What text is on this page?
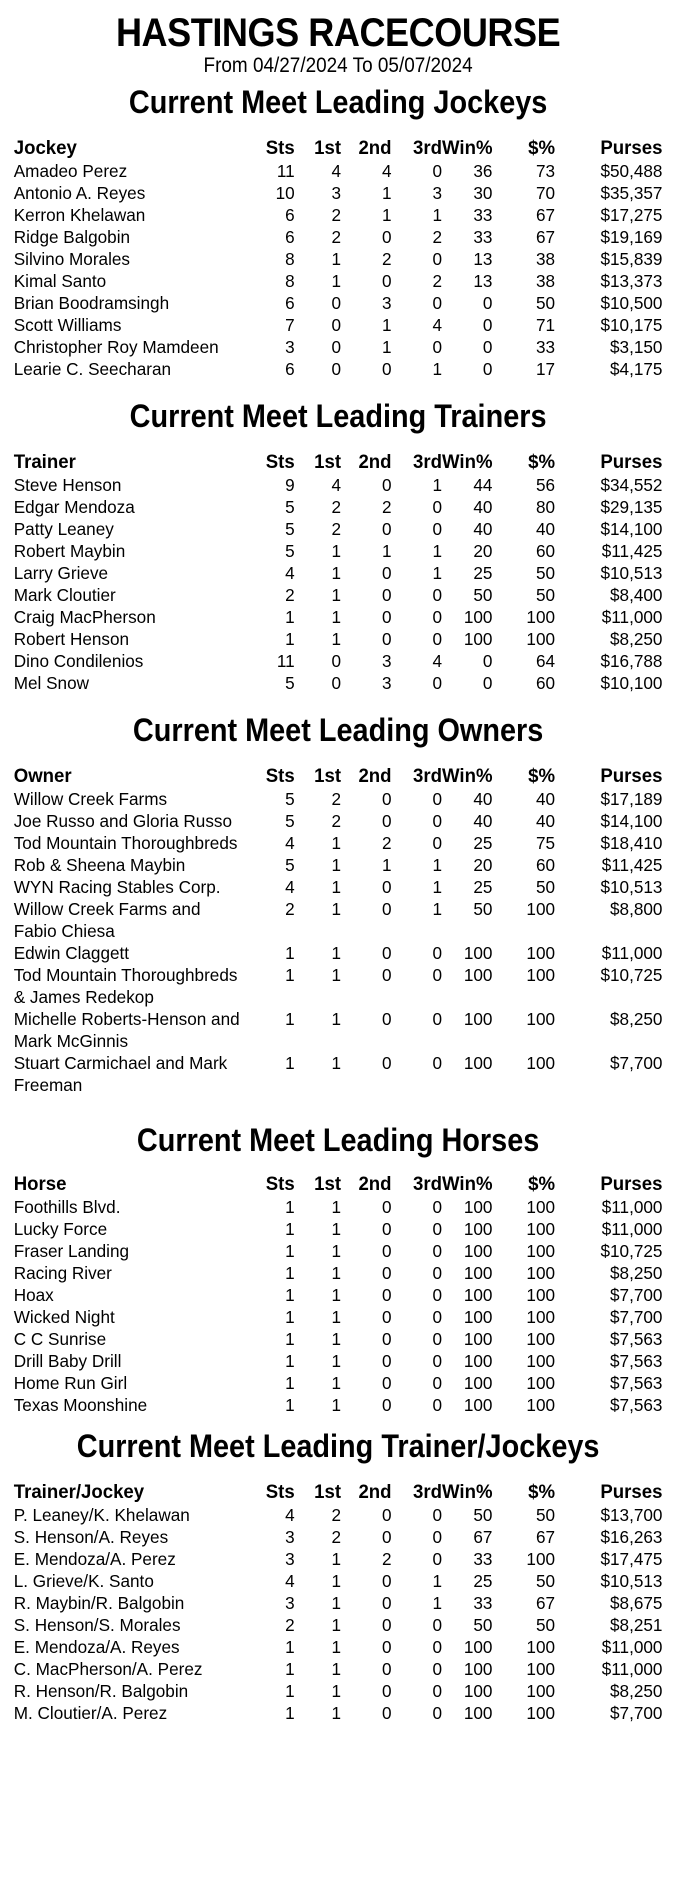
HASTINGS RACECOURSE
From 04/27/2024 To 05/07/2024
Current Meet Leading Jockeys
Jockey	Sts	1st	2nd	3rd	Win%	$%	Purses
Amadeo Perez	11	4	4	0	36	73	$50,488
Antonio A. Reyes	10	3	1	3	30	70	$35,357
Kerron Khelawan	6	2	1	1	33	67	$17,275
Ridge Balgobin	6	2	0	2	33	67	$19,169
Silvino Morales	8	1	2	0	13	38	$15,839
Kimal Santo	8	1	0	2	13	38	$13,373
Brian Boodramsingh	6	0	3	0	0	50	$10,500
Scott Williams	7	0	1	4	0	71	$10,175
Christopher Roy Mamdeen	3	0	1	0	0	33	$3,150
Learie C. Seecharan	6	0	0	1	0	17	$4,175
Current Meet Leading Trainers
Trainer	Sts	1st	2nd	3rd	Win%	$%	Purses
Steve Henson	9	4	0	1	44	56	$34,552
Edgar Mendoza	5	2	2	0	40	80	$29,135
Patty Leaney	5	2	0	0	40	40	$14,100
Robert Maybin	5	1	1	1	20	60	$11,425
Larry Grieve	4	1	0	1	25	50	$10,513
Mark Cloutier	2	1	0	0	50	50	$8,400
Craig MacPherson	1	1	0	0	100	100	$11,000
Robert Henson	1	1	0	0	100	100	$8,250
Dino Condilenios	11	0	3	4	0	64	$16,788
Mel Snow	5	0	3	0	0	60	$10,100
Current Meet Leading Owners
Owner	Sts	1st	2nd	3rd	Win%	$%	Purses
Willow Creek Farms	5	2	0	0	40	40	$17,189
Joe Russo and Gloria Russo	5	2	0	0	40	40	$14,100
Tod Mountain Thoroughbreds	4	1	2	0	25	75	$18,410
Rob & Sheena Maybin	5	1	1	1	20	60	$11,425
WYN Racing Stables Corp.	4	1	0	1	25	50	$10,513
Willow Creek Farms and Fabio Chiesa	2	1	0	1	50	100	$8,800
Edwin Claggett	1	1	0	0	100	100	$11,000
Tod Mountain Thoroughbreds & James Redekop	1	1	0	0	100	100	$10,725
Michelle Roberts-Henson and Mark McGinnis	1	1	0	0	100	100	$8,250
Stuart Carmichael and Mark Freeman	1	1	0	0	100	100	$7,700
Current Meet Leading Horses
Horse	Sts	1st	2nd	3rd	Win%	$%	Purses
Foothills Blvd.	1	1	0	0	100	100	$11,000
Lucky Force	1	1	0	0	100	100	$11,000
Fraser Landing	1	1	0	0	100	100	$10,725
Racing River	1	1	0	0	100	100	$8,250
Hoax	1	1	0	0	100	100	$7,700
Wicked Night	1	1	0	0	100	100	$7,700
C C Sunrise	1	1	0	0	100	100	$7,563
Drill Baby Drill	1	1	0	0	100	100	$7,563
Home Run Girl	1	1	0	0	100	100	$7,563
Texas Moonshine	1	1	0	0	100	100	$7,563
Current Meet Leading Trainer/Jockeys
Trainer/Jockey	Sts	1st	2nd	3rd	Win%	$%	Purses
P. Leaney/K. Khelawan	4	2	0	0	50	50	$13,700
S. Henson/A. Reyes	3	2	0	0	67	67	$16,263
E. Mendoza/A. Perez	3	1	2	0	33	100	$17,475
L. Grieve/K. Santo	4	1	0	1	25	50	$10,513
R. Maybin/R. Balgobin	3	1	0	1	33	67	$8,675
S. Henson/S. Morales	2	1	0	0	50	50	$8,251
E. Mendoza/A. Reyes	1	1	0	0	100	100	$11,000
C. MacPherson/A. Perez	1	1	0	0	100	100	$11,000
R. Henson/R. Balgobin	1	1	0	0	100	100	$8,250
M. Cloutier/A. Perez	1	1	0	0	100	100	$7,700
